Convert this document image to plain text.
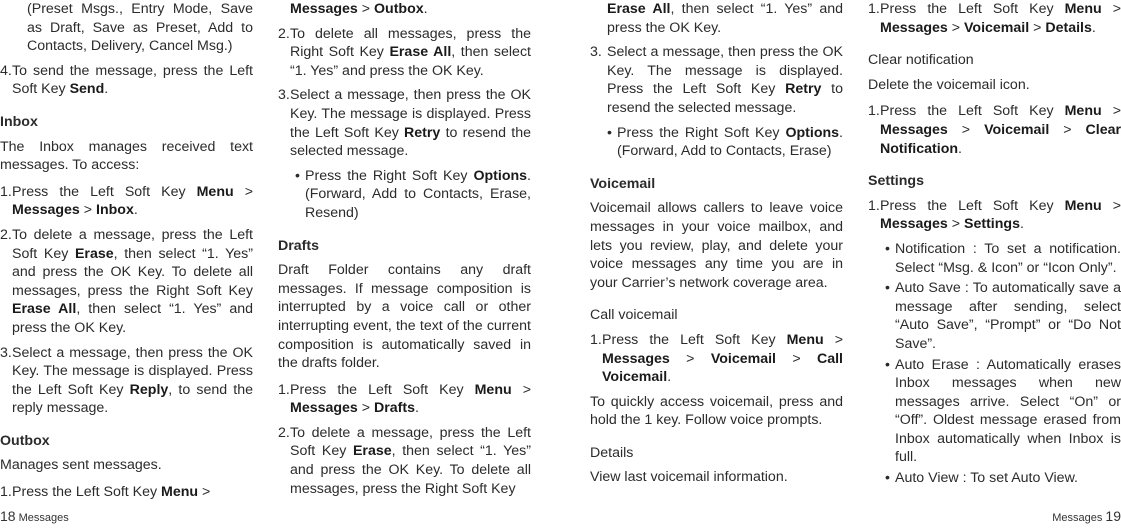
(Preset Msgs., Entry Mode, Save as Draft, Save as Preset, Add to Contacts, Delivery, Cancel Msg.)

4. To send the message, press the Left Soft Key Send.

Inbox

The Inbox manages received text messages. To access:

1. Press the Left Soft Key Menu > Messages > Inbox.

2. To delete a message, press the Left Soft Key Erase, then select “1. Yes” and press the OK Key. To delete all messages, press the Right Soft Key Erase All, then select “1. Yes” and press the OK Key.

3. Select a message, then press the OK Key. The message is displayed. Press the Left Soft Key Reply, to send the reply message.

Outbox

Manages sent messages.

1. Press the Left Soft Key Menu >

Messages > Outbox.

2. To delete all messages, press the Right Soft Key Erase All, then select “1. Yes” and press the OK Key.

3. Select a message, then press the OK Key. The message is displayed. Press the Left Soft Key Retry to resend the selected message.

• Press the Right Soft Key Options. (Forward, Add to Contacts, Erase, Resend)

Drafts

Draft Folder contains any draft messages. If message composition is interrupted by a voice call or other interrupting event, the text of the current composition is automatically saved in the drafts folder.

1. Press the Left Soft Key Menu > Messages > Drafts.

2. To delete a message, press the Left Soft Key Erase, then select “1. Yes” and press the OK Key. To delete all messages, press the Right Soft Key

Erase All, then select “1. Yes” and press the OK Key.

3. Select a message, then press the OK Key. The message is displayed. Press the Left Soft Key Retry to resend the selected message.

• Press the Right Soft Key Options. (Forward, Add to Contacts, Erase)

Voicemail

Voicemail allows callers to leave voice messages in your voice mailbox, and lets you review, play, and delete your voice messages any time you are in your Carrier’s network coverage area.

Call voicemail

1. Press the Left Soft Key Menu > Messages > Voicemail > Call Voicemail.

To quickly access voicemail, press and hold the 1 key. Follow voice prompts.

Details

View last voicemail information.

1. Press the Left Soft Key Menu > Messages > Voicemail > Details.

Clear notification

Delete the voicemail icon.

1. Press the Left Soft Key Menu > Messages > Voicemail > Clear Notification.

Settings

1. Press the Left Soft Key Menu > Messages > Settings.

• Notification : To set a notification. Select “Msg. & Icon” or “Icon Only”.

• Auto Save : To automatically save a message after sending, select “Auto Save”, “Prompt” or “Do Not Save”.

• Auto Erase : Automatically erases Inbox messages when new messages arrive. Select “On” or “Off”. Oldest message erased from Inbox automatically when Inbox is full.

• Auto View : To set Auto View.

18 Messages	Messages 19
